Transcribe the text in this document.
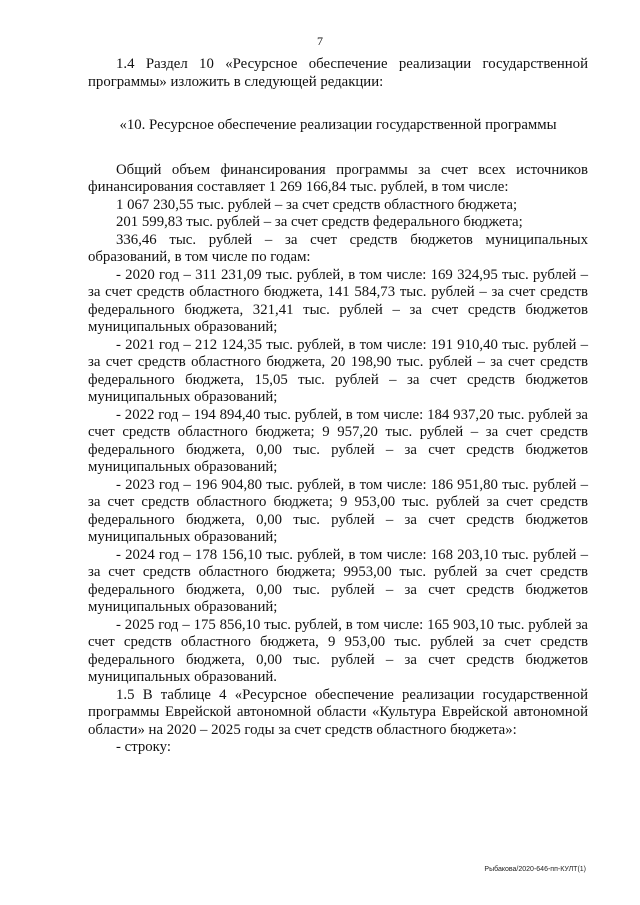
7

1.4 Раздел 10 «Ресурсное обеспечение реализации государственной программы» изложить в следующей редакции:

«10. Ресурсное обеспечение реализации государственной программы

Общий объем финансирования программы за счет всех источников финансирования составляет 1 269 166,84 тыс. рублей, в том числе:

1 067 230,55 тыс. рублей – за счет средств областного бюджета;

201 599,83 тыс. рублей – за счет средств федерального бюджета;

336,46 тыс. рублей – за счет средств бюджетов муниципальных образований, в том числе по годам:

- 2020 год – 311 231,09 тыс. рублей, в том числе: 169 324,95 тыс. рублей – за счет средств областного бюджета, 141 584,73 тыс. рублей – за счет средств федерального бюджета, 321,41 тыс. рублей – за счет средств бюджетов муниципальных образований;

- 2021 год – 212 124,35 тыс. рублей, в том числе: 191 910,40 тыс. рублей – за счет средств областного бюджета, 20 198,90 тыс. рублей – за счет средств федерального бюджета, 15,05 тыс. рублей – за счет средств бюджетов муниципальных образований;

- 2022 год – 194 894,40 тыс. рублей, в том числе: 184 937,20 тыс. рублей за счет средств областного бюджета; 9 957,20 тыс. рублей – за счет средств федерального бюджета, 0,00 тыс. рублей – за счет средств бюджетов муниципальных образований;

- 2023 год – 196 904,80 тыс. рублей, в том числе: 186 951,80 тыс. рублей – за счет средств областного бюджета; 9 953,00 тыс. рублей за счет средств федерального бюджета, 0,00 тыс. рублей – за счет средств бюджетов муниципальных образований;

- 2024 год – 178 156,10 тыс. рублей, в том числе: 168 203,10 тыс. рублей – за счет средств областного бюджета; 9953,00 тыс. рублей за счет средств федерального бюджета, 0,00 тыс. рублей – за счет средств бюджетов муниципальных образований;

- 2025 год – 175 856,10 тыс. рублей, в том числе: 165 903,10 тыс. рублей за счет средств областного бюджета, 9 953,00 тыс. рублей за счет средств федерального бюджета, 0,00 тыс. рублей – за счет средств бюджетов муниципальных образований.

1.5 В таблице 4 «Ресурсное обеспечение реализации государственной программы Еврейской автономной области «Культура Еврейской автономной области» на 2020 – 2025 годы за счет средств областного бюджета»:

- строку:

Рыбакова/2020-646-пп-КУЛТ(1)
